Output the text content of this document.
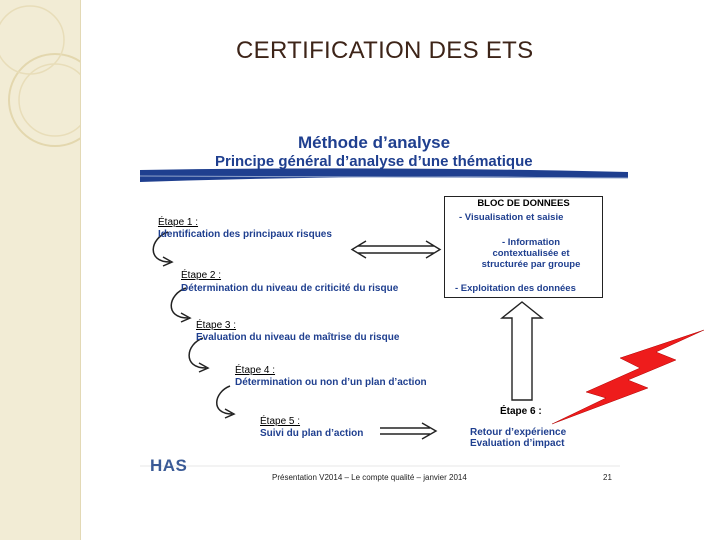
CERTIFICATION DES ETS
Méthode d’analyse
Principe général d’analyse d’une thématique
Étape 1 :
Identification des principaux risques
Étape 2 :
Détermination du niveau de criticité du risque
Étape 3 :
Evaluation du niveau de maîtrise du risque
Étape 4 :
Détermination ou non d’un plan d’action
Étape 5 :
Suivi du plan d’action
BLOC DE DONNEES
- Visualisation et saisie
- Information contextualisée et structurée par groupe
- Exploitation des données
Étape 6 :
Retour d’expérience
Evaluation d’impact
HAS
Présentation V2014 – Le compte qualité – janvier 2014	21
